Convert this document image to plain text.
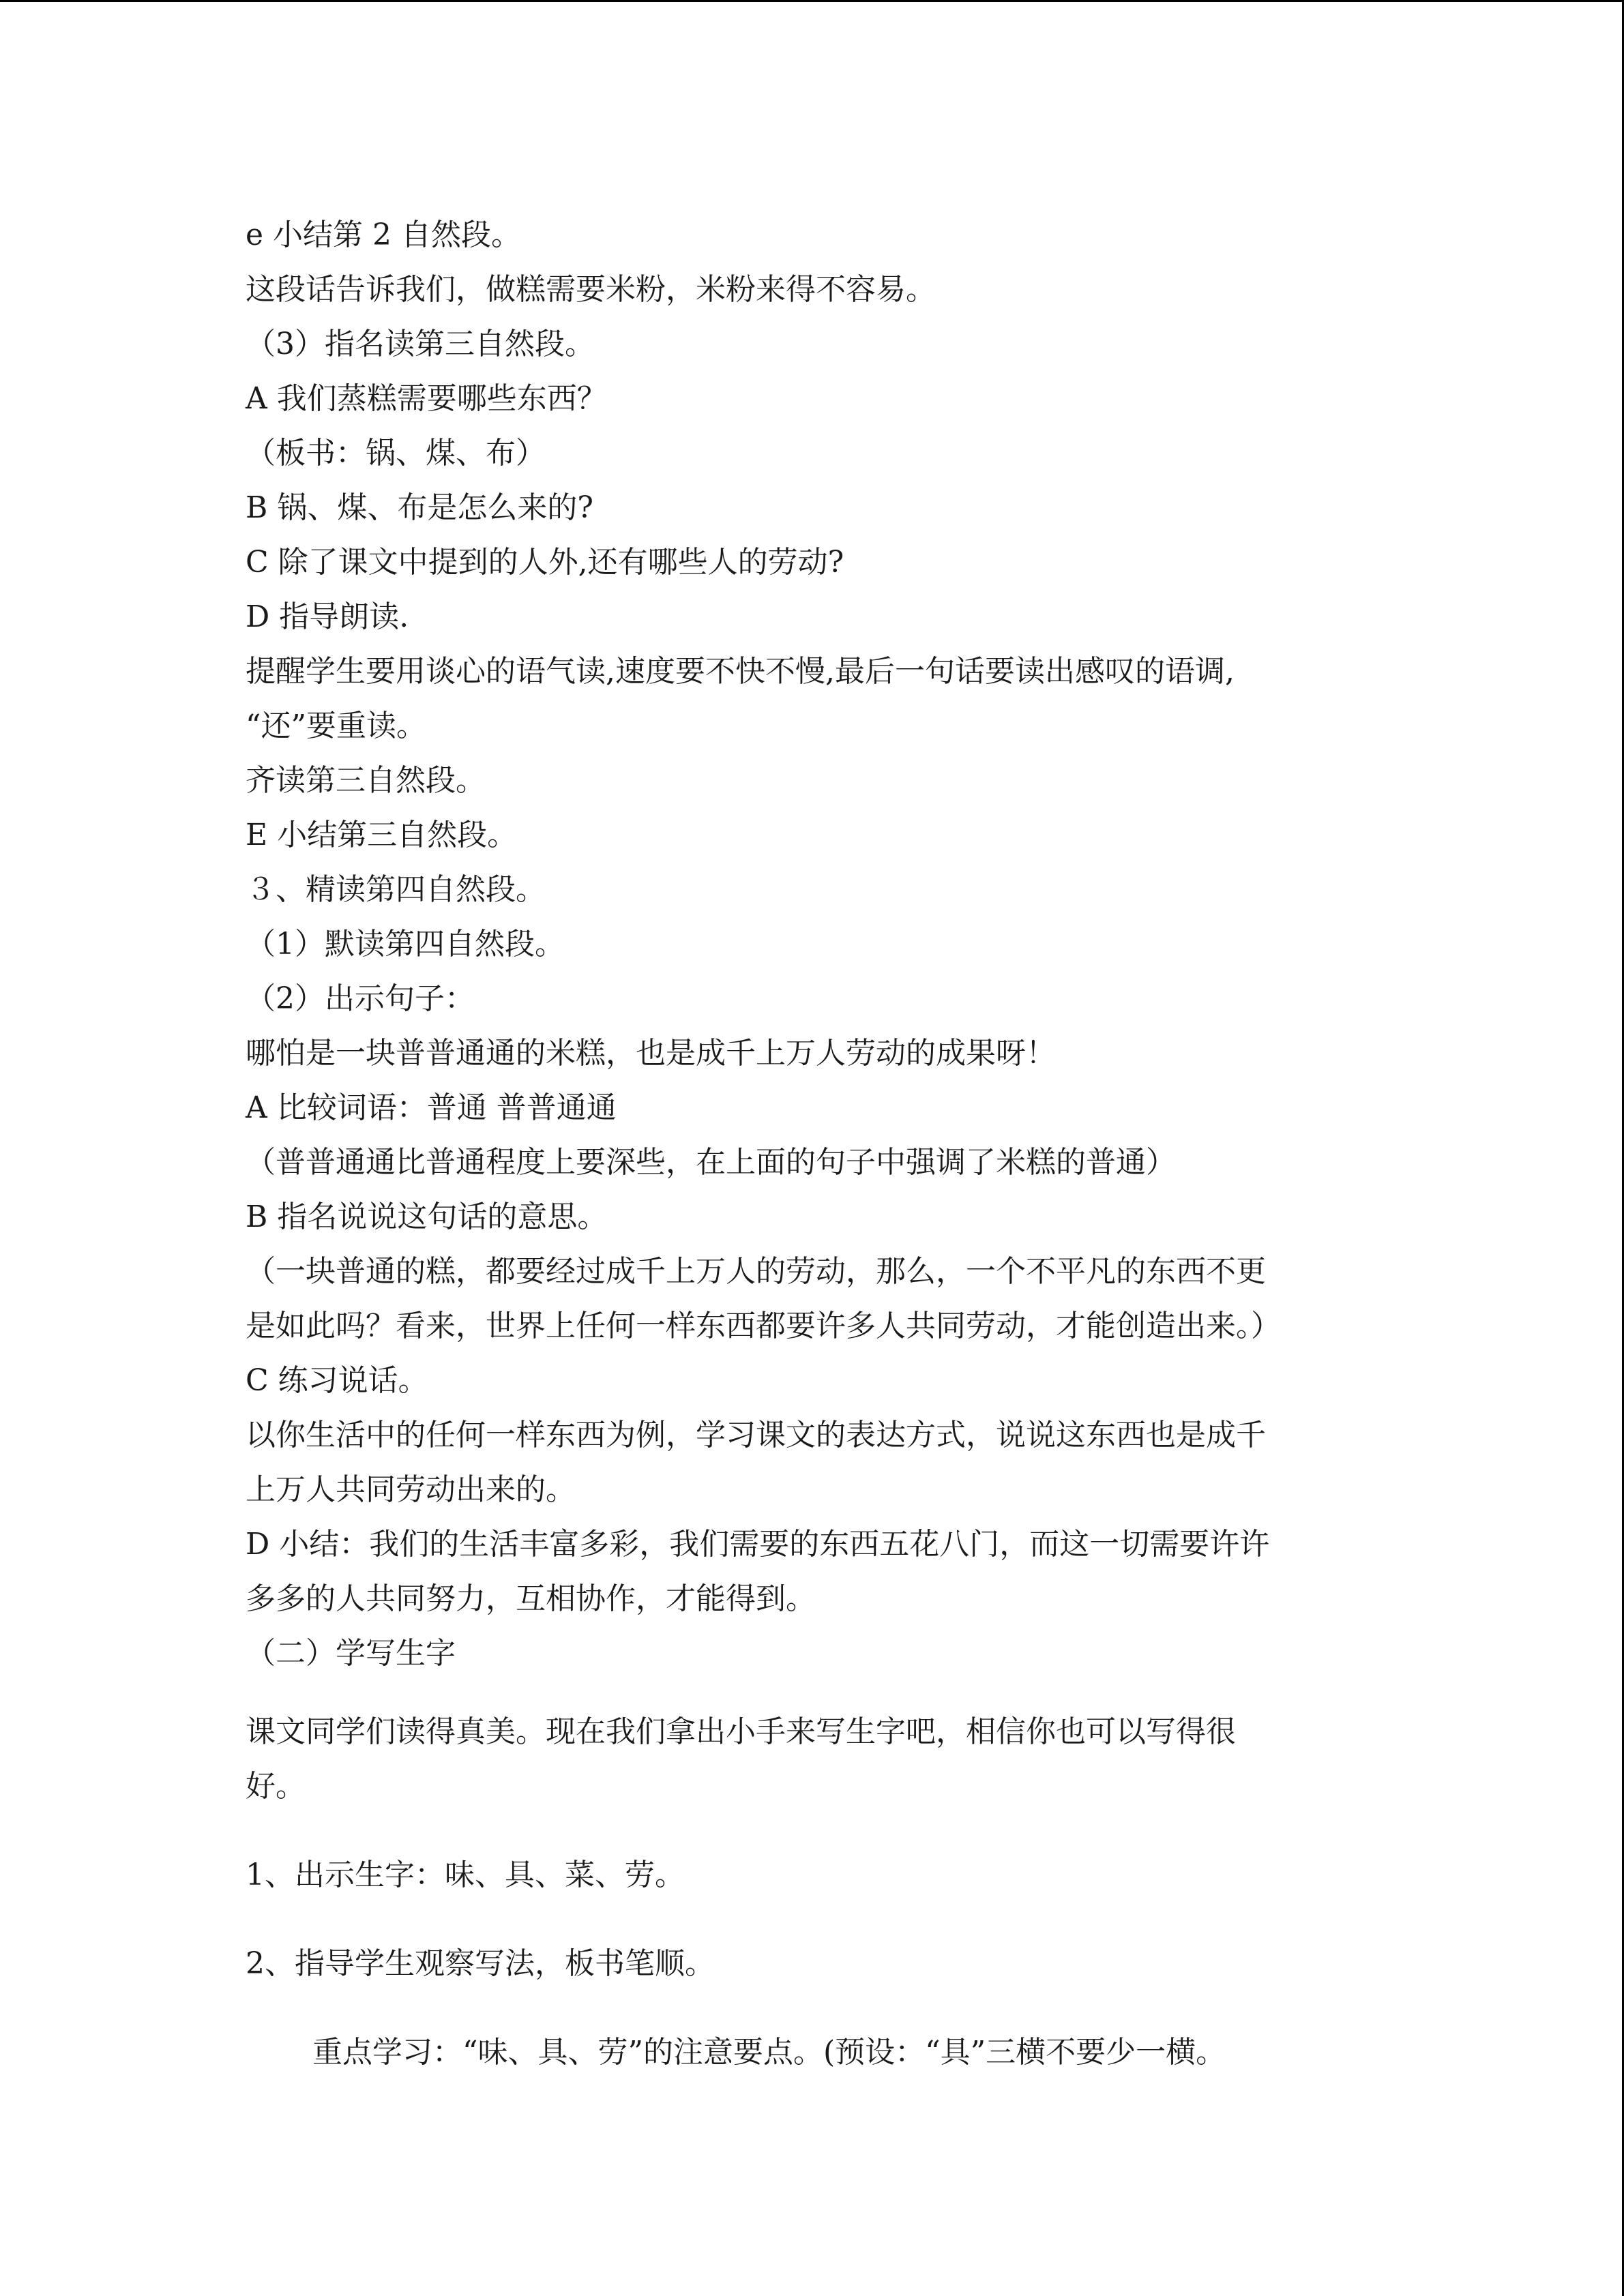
e 小结第 2 自然段。
这段话告诉我们，做糕需要米粉，米粉来得不容易。
（3）指名读第三自然段。
A 我们蒸糕需要哪些东西？
（板书：锅、煤、布）
B 锅、煤、布是怎么来的?
C 除了课文中提到的人外,还有哪些人的劳动?
D 指导朗读.
提醒学生要用谈心的语气读,速度要不快不慢,最后一句话要读出感叹的语调,
“还”要重读。
齐读第三自然段。
E 小结第三自然段。
３、精读第四自然段。
（1）默读第四自然段。
（2）出示句子：
哪怕是一块普普通通的米糕，也是成千上万人劳动的成果呀！
A 比较词语：普通 普普通通
（普普通通比普通程度上要深些，在上面的句子中强调了米糕的普通）
B 指名说说这句话的意思。
（一块普通的糕，都要经过成千上万人的劳动，那么，一个不平凡的东西不更
是如此吗？看来，世界上任何一样东西都要许多人共同劳动，才能创造出来。）
C 练习说话。
以你生活中的任何一样东西为例，学习课文的表达方式，说说这东西也是成千
上万人共同劳动出来的。
D 小结：我们的生活丰富多彩，我们需要的东西五花八门，而这一切需要许许
多多的人共同努力，互相协作，才能得到。
（二）学写生字
课文同学们读得真美。现在我们拿出小手来写生字吧，相信你也可以写得很
好。
1、出示生字：味、具、菜、劳。
2、指导学生观察写法，板书笔顺。
重点学习：“味、具、劳”的注意要点。(预设：“具”三横不要少一横。
